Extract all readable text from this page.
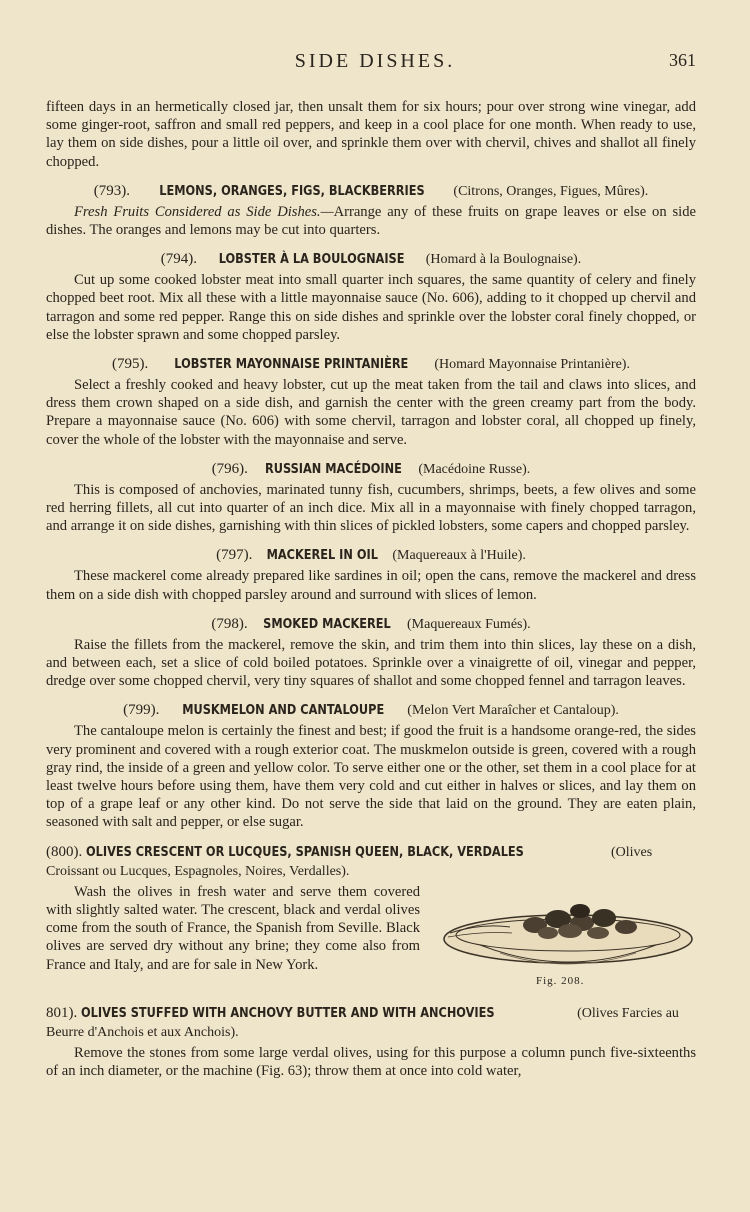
SIDE DISHES.	361

fifteen days in an hermetically closed jar, then unsalt them for six hours; pour over strong wine vinegar, add some ginger-root, saffron and small red peppers, and keep in a cool place for one month. When ready to use, lay them on side dishes, pour a little oil over, and sprinkle them over with chervil, chives and shallot all finely chopped.

(793). LEMONS, ORANGES, FIGS, BLACKBERRIES (Citrons, Oranges, Figues, Mûres).

Fresh Fruits Considered as Side Dishes.—Arrange any of these fruits on grape leaves or else on side dishes. The oranges and lemons may be cut into quarters.

(794). LOBSTER À LA BOULOGNAISE (Homard à la Boulognaise).

Cut up some cooked lobster meat into small quarter inch squares, the same quantity of celery and finely chopped beet root. Mix all these with a little mayonnaise sauce (No. 606), adding to it chopped up chervil and tarragon and some red pepper. Range this on side dishes and sprinkle over the lobster coral finely chopped, or else the lobster sprawn and some chopped parsley.

(795). LOBSTER MAYONNAISE PRINTANIÈRE (Homard Mayonnaise Printanière).

Select a freshly cooked and heavy lobster, cut up the meat taken from the tail and claws into slices, and dress them crown shaped on a side dish, and garnish the center with the green creamy part from the body. Prepare a mayonnaise sauce (No. 606) with some chervil, tarragon and lobster coral, all chopped up finely, cover the whole of the lobster with the mayonnaise and serve.

(796). RUSSIAN MACÉDOINE (Macédoine Russe).

This is composed of anchovies, marinated tunny fish, cucumbers, shrimps, beets, a few olives and some red herring fillets, all cut into quarter of an inch dice. Mix all in a mayonnaise with finely chopped tarragon, and arrange it on side dishes, garnishing with thin slices of pickled lobsters, some capers and chopped parsley.

(797). MACKEREL IN OIL (Maquereaux à l'Huile).

These mackerel come already prepared like sardines in oil; open the cans, remove the mackerel and dress them on a side dish with chopped parsley around and surround with slices of lemon.

(798). SMOKED MACKEREL (Maquereaux Fumés).

Raise the fillets from the mackerel, remove the skin, and trim them into thin slices, lay these on a dish, and between each, set a slice of cold boiled potatoes. Sprinkle over a vinaigrette of oil, vinegar and pepper, dredge over some chopped chervil, very tiny squares of shallot and some chopped fennel and tarragon leaves.

(799). MUSKMELON AND CANTALOUPE (Melon Vert Maraîcher et Cantaloup).

The cantaloupe melon is certainly the finest and best; if good the fruit is a handsome orange-red, the sides very prominent and covered with a rough exterior coat. The muskmelon outside is green, covered with a rough gray rind, the inside of a green and yellow color. To serve either one or the other, set them in a cool place for at least twelve hours before using them, have them very cold and cut either in halves or slices, and lay them on top of a grape leaf or any other kind. Do not serve the side that laid on the ground. They are eaten plain, seasoned with salt and pepper, or else sugar.

(800). OLIVES CRESCENT OR LUCQUES, SPANISH QUEEN, BLACK, VERDALES	(Olives Croissant ou Lucques, Espagnoles, Noires, Verdalles).

Wash the olives in fresh water and serve them covered with slightly salted water. The crescent, black and verdal olives come from the south of France, the Spanish from Seville. Black olives are served dry without any brine; they come also from France and Italy, and are for sale in New York.

Fig. 208.
801). OLIVES STUFFED WITH ANCHOVY BUTTER AND WITH ANCHOVIES	(Olives Farcies au Beurre d'Anchois et aux Anchois).

Remove the stones from some large verdal olives, using for this purpose a column punch five-sixteenths of an inch diameter, or the machine (Fig. 63); throw them at once into cold water,
